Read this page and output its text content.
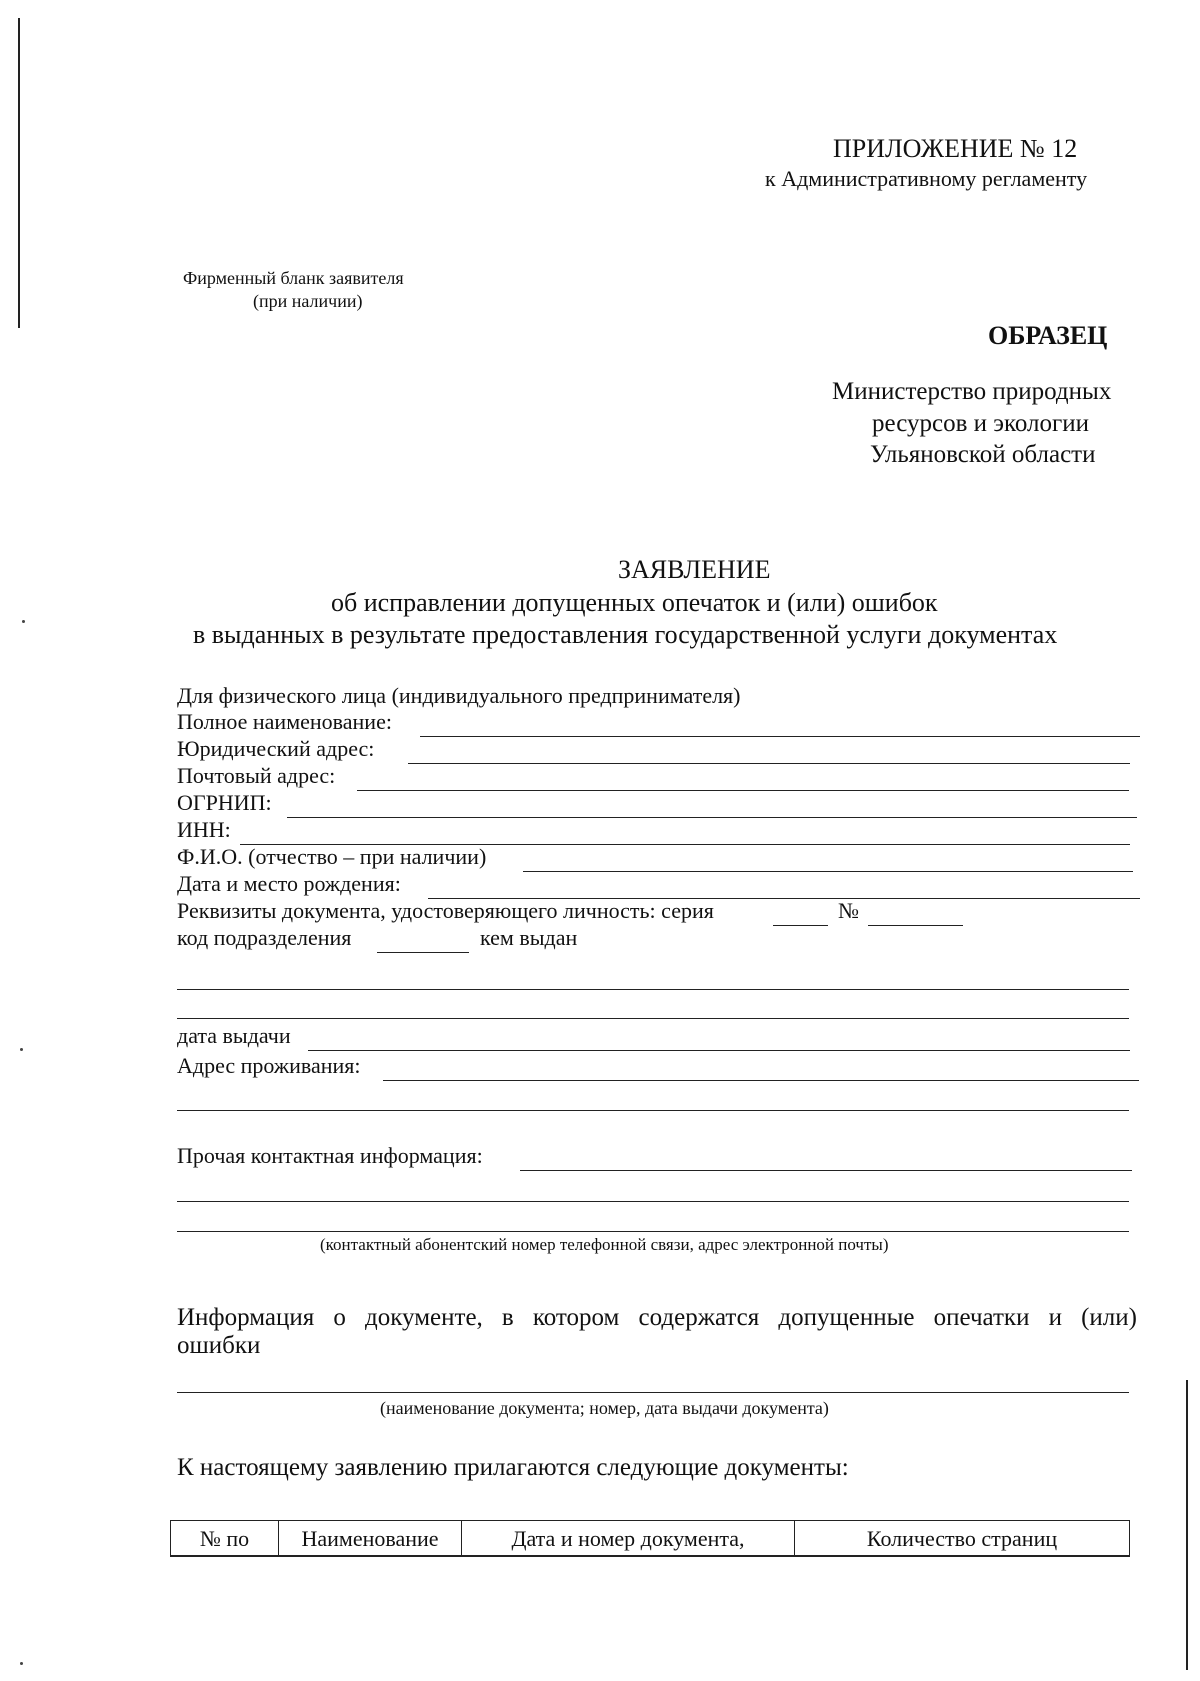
ПРИЛОЖЕНИЕ № 12
к Административному регламенту
Фирменный бланк заявителя
(при наличии)
ОБРАЗЕЦ
Министерство природных
ресурсов и экологии
Ульяновской области
ЗАЯВЛЕНИЕ
об исправлении допущенных опечаток и (или) ошибок
в выданных в результате предоставления государственной услуги документах
Для физического лица (индивидуального предпринимателя)
Полное наименование:
Юридический адрес:
Почтовый адрес:
ОГРНИП:
ИНН:
Ф.И.О. (отчество – при наличии)
Дата и место рождения:
Реквизиты документа, удостоверяющего личность: серия	№
код подразделения	кем выдан
дата выдачи
Адрес проживания:
Прочая контактная информация:
(контактный абонентский номер телефонной связи, адрес электронной почты)
Информация о документе, в котором содержатся допущенные опечатки и (или)
ошибки
(наименование документа; номер, дата выдачи документа)
К настоящему заявлению прилагаются следующие документы:
№ по	Наименование	Дата и номер документа,	Количество страниц
